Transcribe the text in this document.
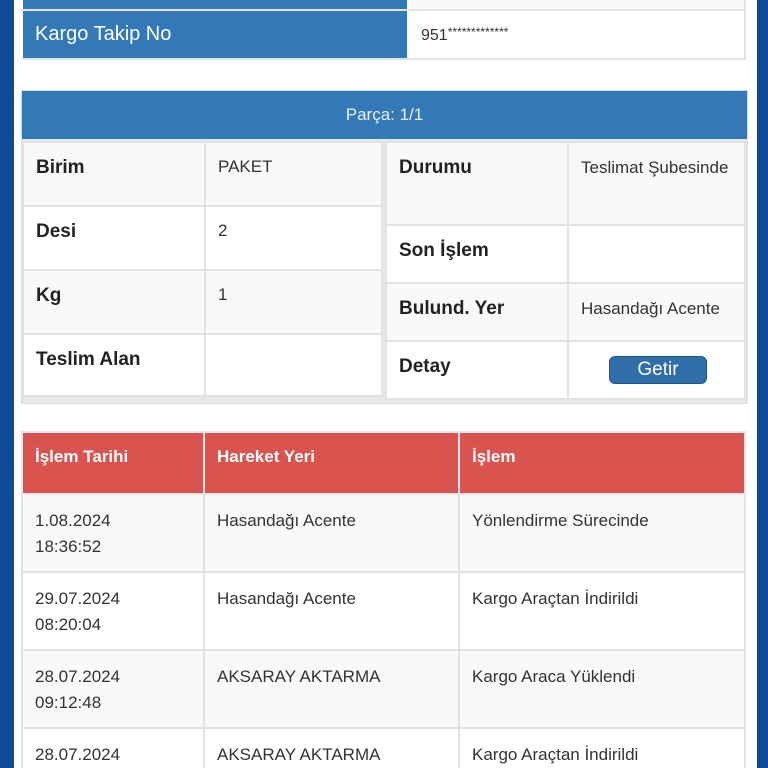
Kargo Takip No	951*************
Parça: 1/1
Birim	PAKET
Desi	2
Kg	1
Teslim Alan	
Durumu	Teslimat Şubesinde
Son İşlem	
Bulund. Yer	Hasandağı Acente
Detay	Getir
İşlem Tarihi	Hareket Yeri	İşlem

1.08.2024
18:36:52	Hasandağı Acente	Yönlendirme Sürecinde

29.07.2024
08:20:04	Hasandağı Acente	Kargo Araçtan İndirildi

28.07.2024
09:12:48	AKSARAY AKTARMA	Kargo Araca Yüklendi

28.07.2024	AKSARAY AKTARMA	Kargo Araçtan İndirildi
